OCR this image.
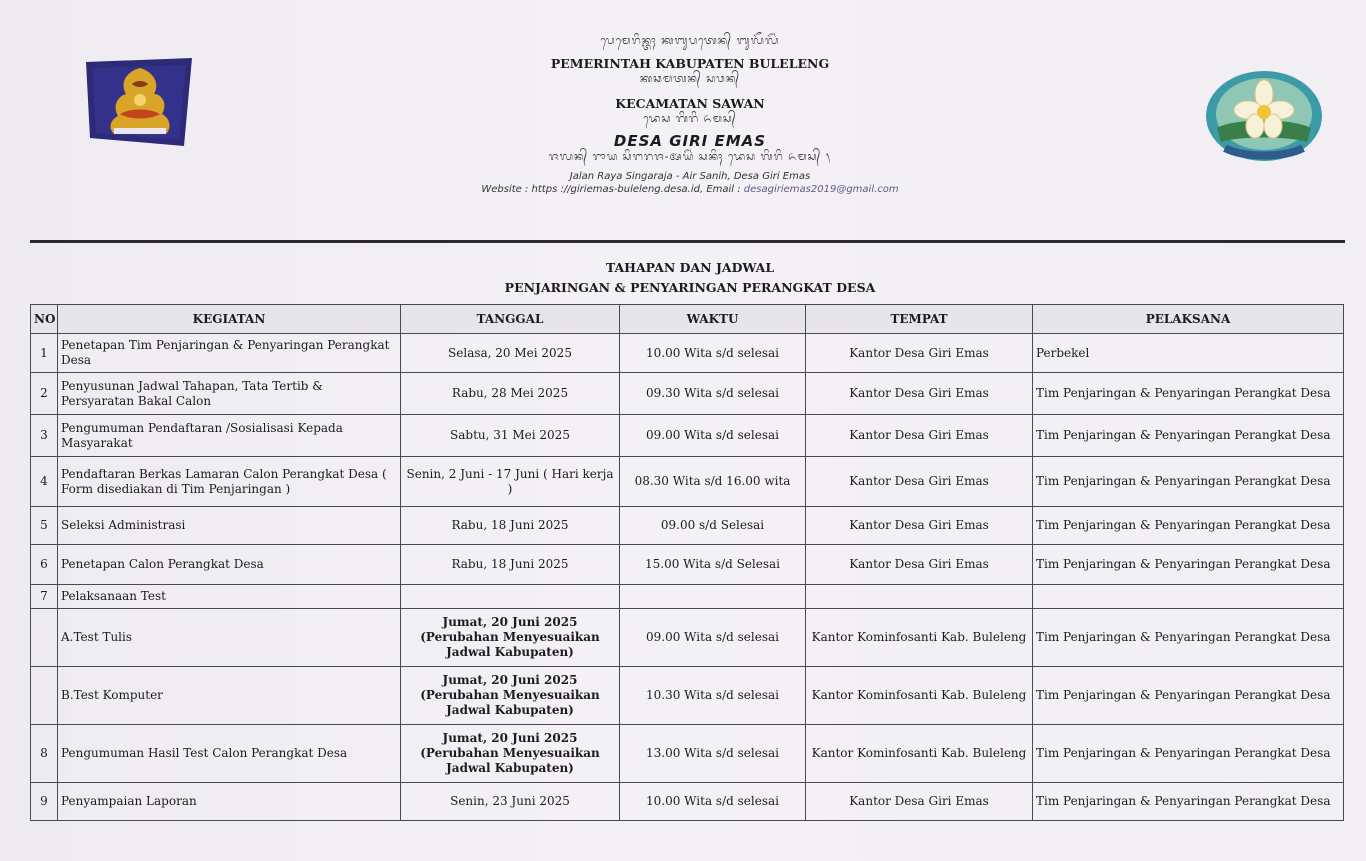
ᬧᬾᬫᬾᬭᬶᬦ᭄ᬢᬄ ᬓᬩᬸᬧᬢᬾᬦ᭄ ᬩᬸᬮᭂᬮᭂᬂ
PEMERINTAH KABUPATEN BULELENG
ᬓᬘᬫᬢᬦ᭄ ᬲᬯᬦ᭄
KECAMATAN SAWAN
ᬤᬾᬲ ᬕᬶᬭᬶ ᬏᬫᬲ᭄
DESA GIRI EMAS
ᬚᬮᬦ᭄ ᬭᬵᬬ ᬲᬶᬗᬭᬚ-ᬅᬬᭂᬃ ᬲᬦᬶᬄ ᬤᬾᬲ ᬕᬶᬭᬶ ᬏᬫᬲ᭄ ᭞
Jalan Raya Singaraja - Air Sanih, Desa Giri Emas
Website : https ://giriemas-buleleng.desa.id, Email : desagiriemas2019@gmail.com
TAHAPAN DAN JADWAL
PENJARINGAN & PENYARINGAN PERANGKAT DESA
NO	KEGIATAN	TANGGAL	WAKTU	TEMPAT	PELAKSANA
1	Penetapan Tim Penjaringan & Penyaringan Perangkat Desa	Selasa, 20 Mei 2025	10.00 Wita s/d selesai	Kantor Desa Giri Emas	Perbekel
2	Penyusunan Jadwal Tahapan, Tata Tertib & Persyaratan Bakal Calon	Rabu, 28 Mei 2025	09.30 Wita s/d selesai	Kantor Desa Giri Emas	Tim Penjaringan & Penyaringan Perangkat Desa
3	Pengumuman Pendaftaran /Sosialisasi Kepada Masyarakat	Sabtu, 31 Mei 2025	09.00 Wita s/d selesai	Kantor Desa Giri Emas	Tim Penjaringan & Penyaringan Perangkat Desa
4	Pendaftaran Berkas Lamaran Calon Perangkat Desa ( Form disediakan di Tim Penjaringan )	Senin, 2 Juni - 17 Juni ( Hari kerja )	08.30 Wita s/d 16.00 wita	Kantor Desa Giri Emas	Tim Penjaringan & Penyaringan Perangkat Desa
5	Seleksi Administrasi	Rabu, 18 Juni 2025	09.00 s/d Selesai	Kantor Desa Giri Emas	Tim Penjaringan & Penyaringan Perangkat Desa
6	Penetapan Calon Perangkat Desa	Rabu, 18 Juni 2025	15.00 Wita s/d Selesai	Kantor Desa Giri Emas	Tim Penjaringan & Penyaringan Perangkat Desa
7	Pelaksanaan Test				
	A.Test Tulis	Jumat, 20 Juni 2025 (Perubahan Menyesuaikan Jadwal Kabupaten)	09.00 Wita s/d selesai	Kantor Kominfosanti Kab. Buleleng	Tim Penjaringan & Penyaringan Perangkat Desa
	B.Test Komputer	Jumat, 20 Juni 2025 (Perubahan Menyesuaikan Jadwal Kabupaten)	10.30 Wita s/d selesai	Kantor Kominfosanti Kab. Buleleng	Tim Penjaringan & Penyaringan Perangkat Desa
8	Pengumuman Hasil Test Calon Perangkat Desa	Jumat, 20 Juni 2025 (Perubahan Menyesuaikan Jadwal Kabupaten)	13.00 Wita s/d selesai	Kantor Kominfosanti Kab. Buleleng	Tim Penjaringan & Penyaringan Perangkat Desa
9	Penyampaian Laporan	Senin, 23 Juni 2025	10.00 Wita s/d selesai	Kantor Desa Giri Emas	Tim Penjaringan & Penyaringan Perangkat Desa
